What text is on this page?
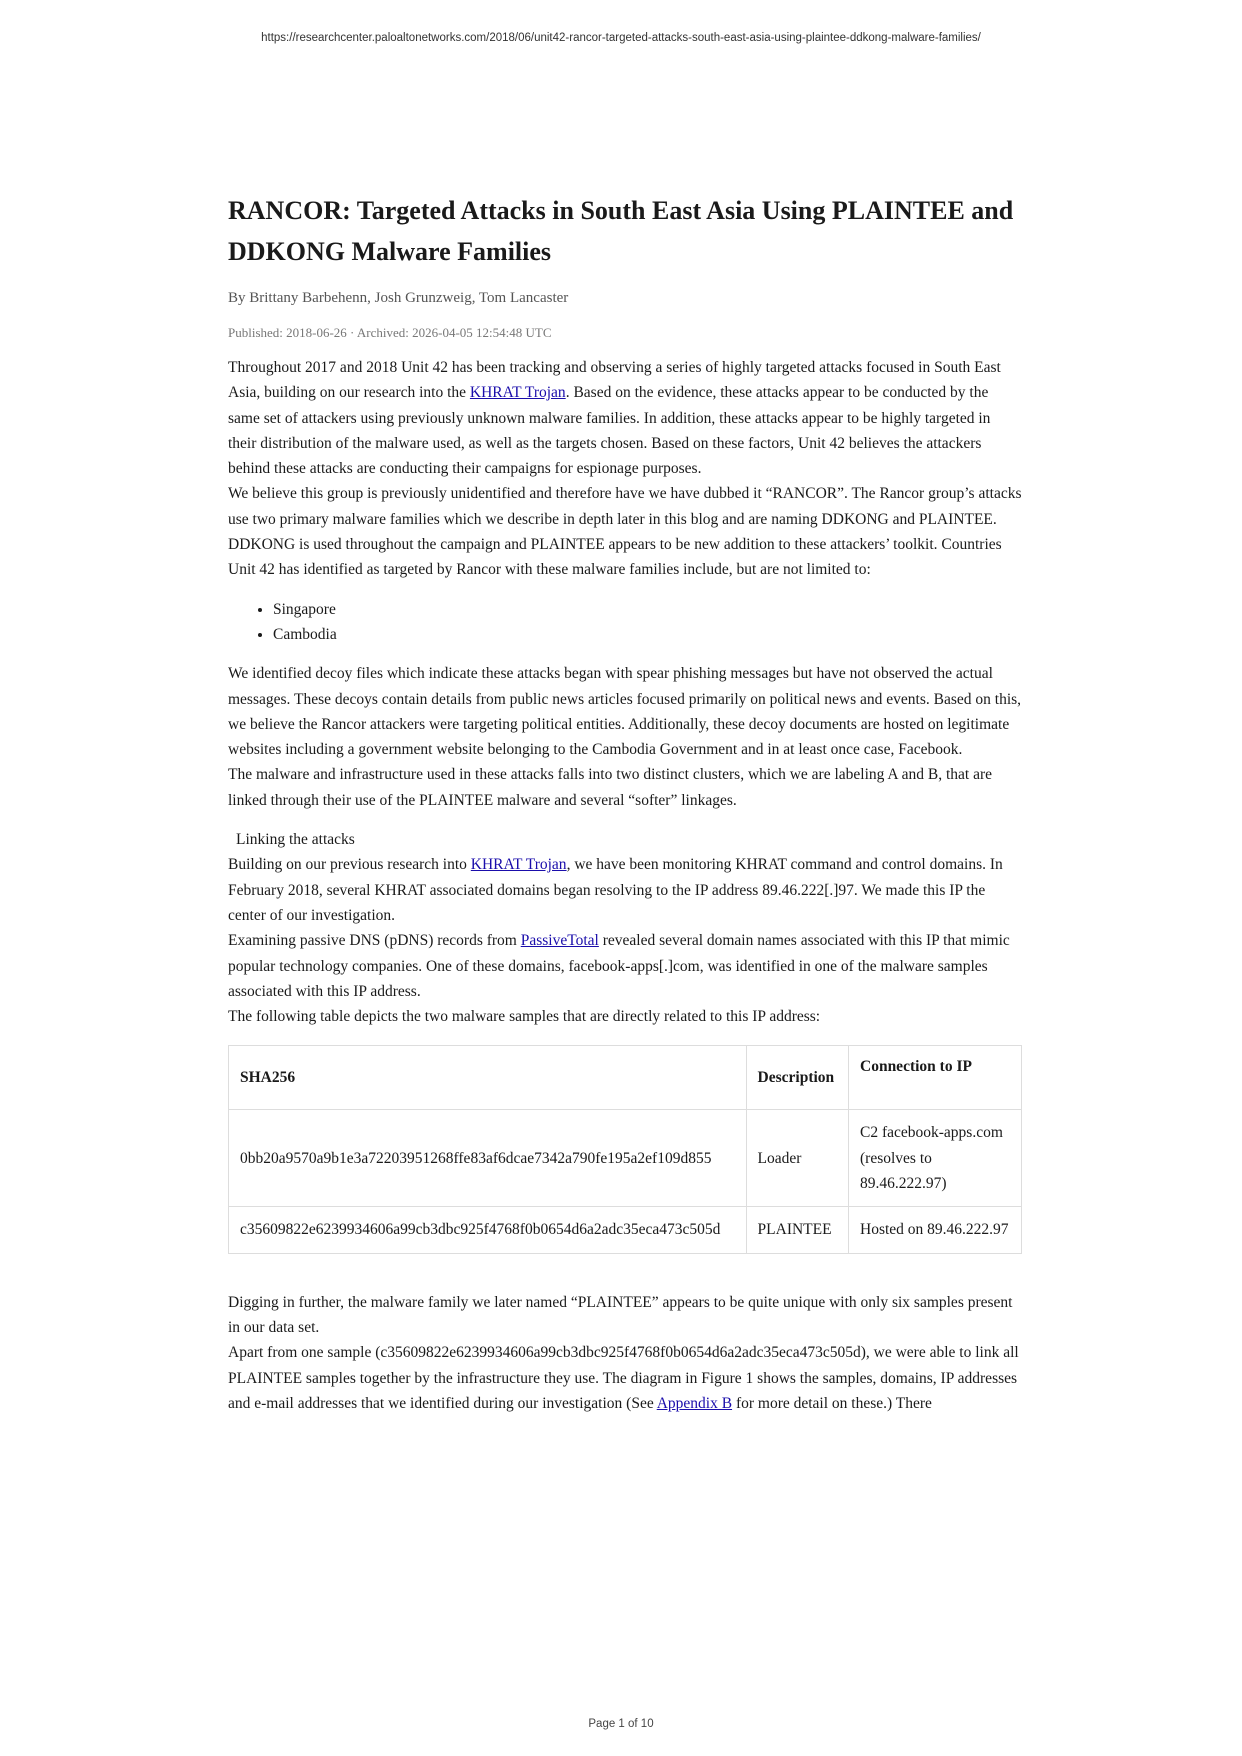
https://researchcenter.paloaltonetworks.com/2018/06/unit42-rancor-targeted-attacks-south-east-asia-using-plaintee-ddkong-malware-families/
RANCOR: Targeted Attacks in South East Asia Using PLAINTEE and DDKONG Malware Families
By Brittany Barbehenn, Josh Grunzweig, Tom Lancaster
Published: 2018-06-26 · Archived: 2026-04-05 12:54:48 UTC

Throughout 2017 and 2018 Unit 42 has been tracking and observing a series of highly targeted attacks focused in South East Asia, building on our research into the KHRAT Trojan. Based on the evidence, these attacks appear to be conducted by the same set of attackers using previously unknown malware families. In addition, these attacks appear to be highly targeted in their distribution of the malware used, as well as the targets chosen. Based on these factors, Unit 42 believes the attackers behind these attacks are conducting their campaigns for espionage purposes.

We believe this group is previously unidentified and therefore have we have dubbed it “RANCOR”. The Rancor group’s attacks use two primary malware families which we describe in depth later in this blog and are naming DDKONG and PLAINTEE. DDKONG is used throughout the campaign and PLAINTEE appears to be new addition to these attackers’ toolkit. Countries Unit 42 has identified as targeted by Rancor with these malware families include, but are not limited to:

• Singapore
• Cambodia

We identified decoy files which indicate these attacks began with spear phishing messages but have not observed the actual messages. These decoys contain details from public news articles focused primarily on political news and events. Based on this, we believe the Rancor attackers were targeting political entities. Additionally, these decoy documents are hosted on legitimate websites including a government website belonging to the Cambodia Government and in at least once case, Facebook.

The malware and infrastructure used in these attacks falls into two distinct clusters, which we are labeling A and B, that are linked through their use of the PLAINTEE malware and several “softer” linkages.

Linking the attacks

Building on our previous research into KHRAT Trojan, we have been monitoring KHRAT command and control domains. In February 2018, several KHRAT associated domains began resolving to the IP address 89.46.222[.]97. We made this IP the center of our investigation.

Examining passive DNS (pDNS) records from PassiveTotal revealed several domain names associated with this IP that mimic popular technology companies. One of these domains, facebook-apps[.]com, was identified in one of the malware samples associated with this IP address.

The following table depicts the two malware samples that are directly related to this IP address:

SHA256	Description	Connection to IP
0bb20a9570a9b1e3a72203951268ffe83af6dcae7342a790fe195a2ef109d855	Loader	C2 facebook-apps.com (resolves to 89.46.222.97)
c35609822e6239934606a99cb3dbc925f4768f0b0654d6a2adc35eca473c505d	PLAINTEE	Hosted on 89.46.222.97

Digging in further, the malware family we later named “PLAINTEE” appears to be quite unique with only six samples present in our data set.

Apart from one sample (c35609822e6239934606a99cb3dbc925f4768f0b0654d6a2adc35eca473c505d), we were able to link all PLAINTEE samples together by the infrastructure they use. The diagram in Figure 1 shows the samples, domains, IP addresses and e-mail addresses that we identified during our investigation (See Appendix B for more detail on these.) There

Page 1 of 10
